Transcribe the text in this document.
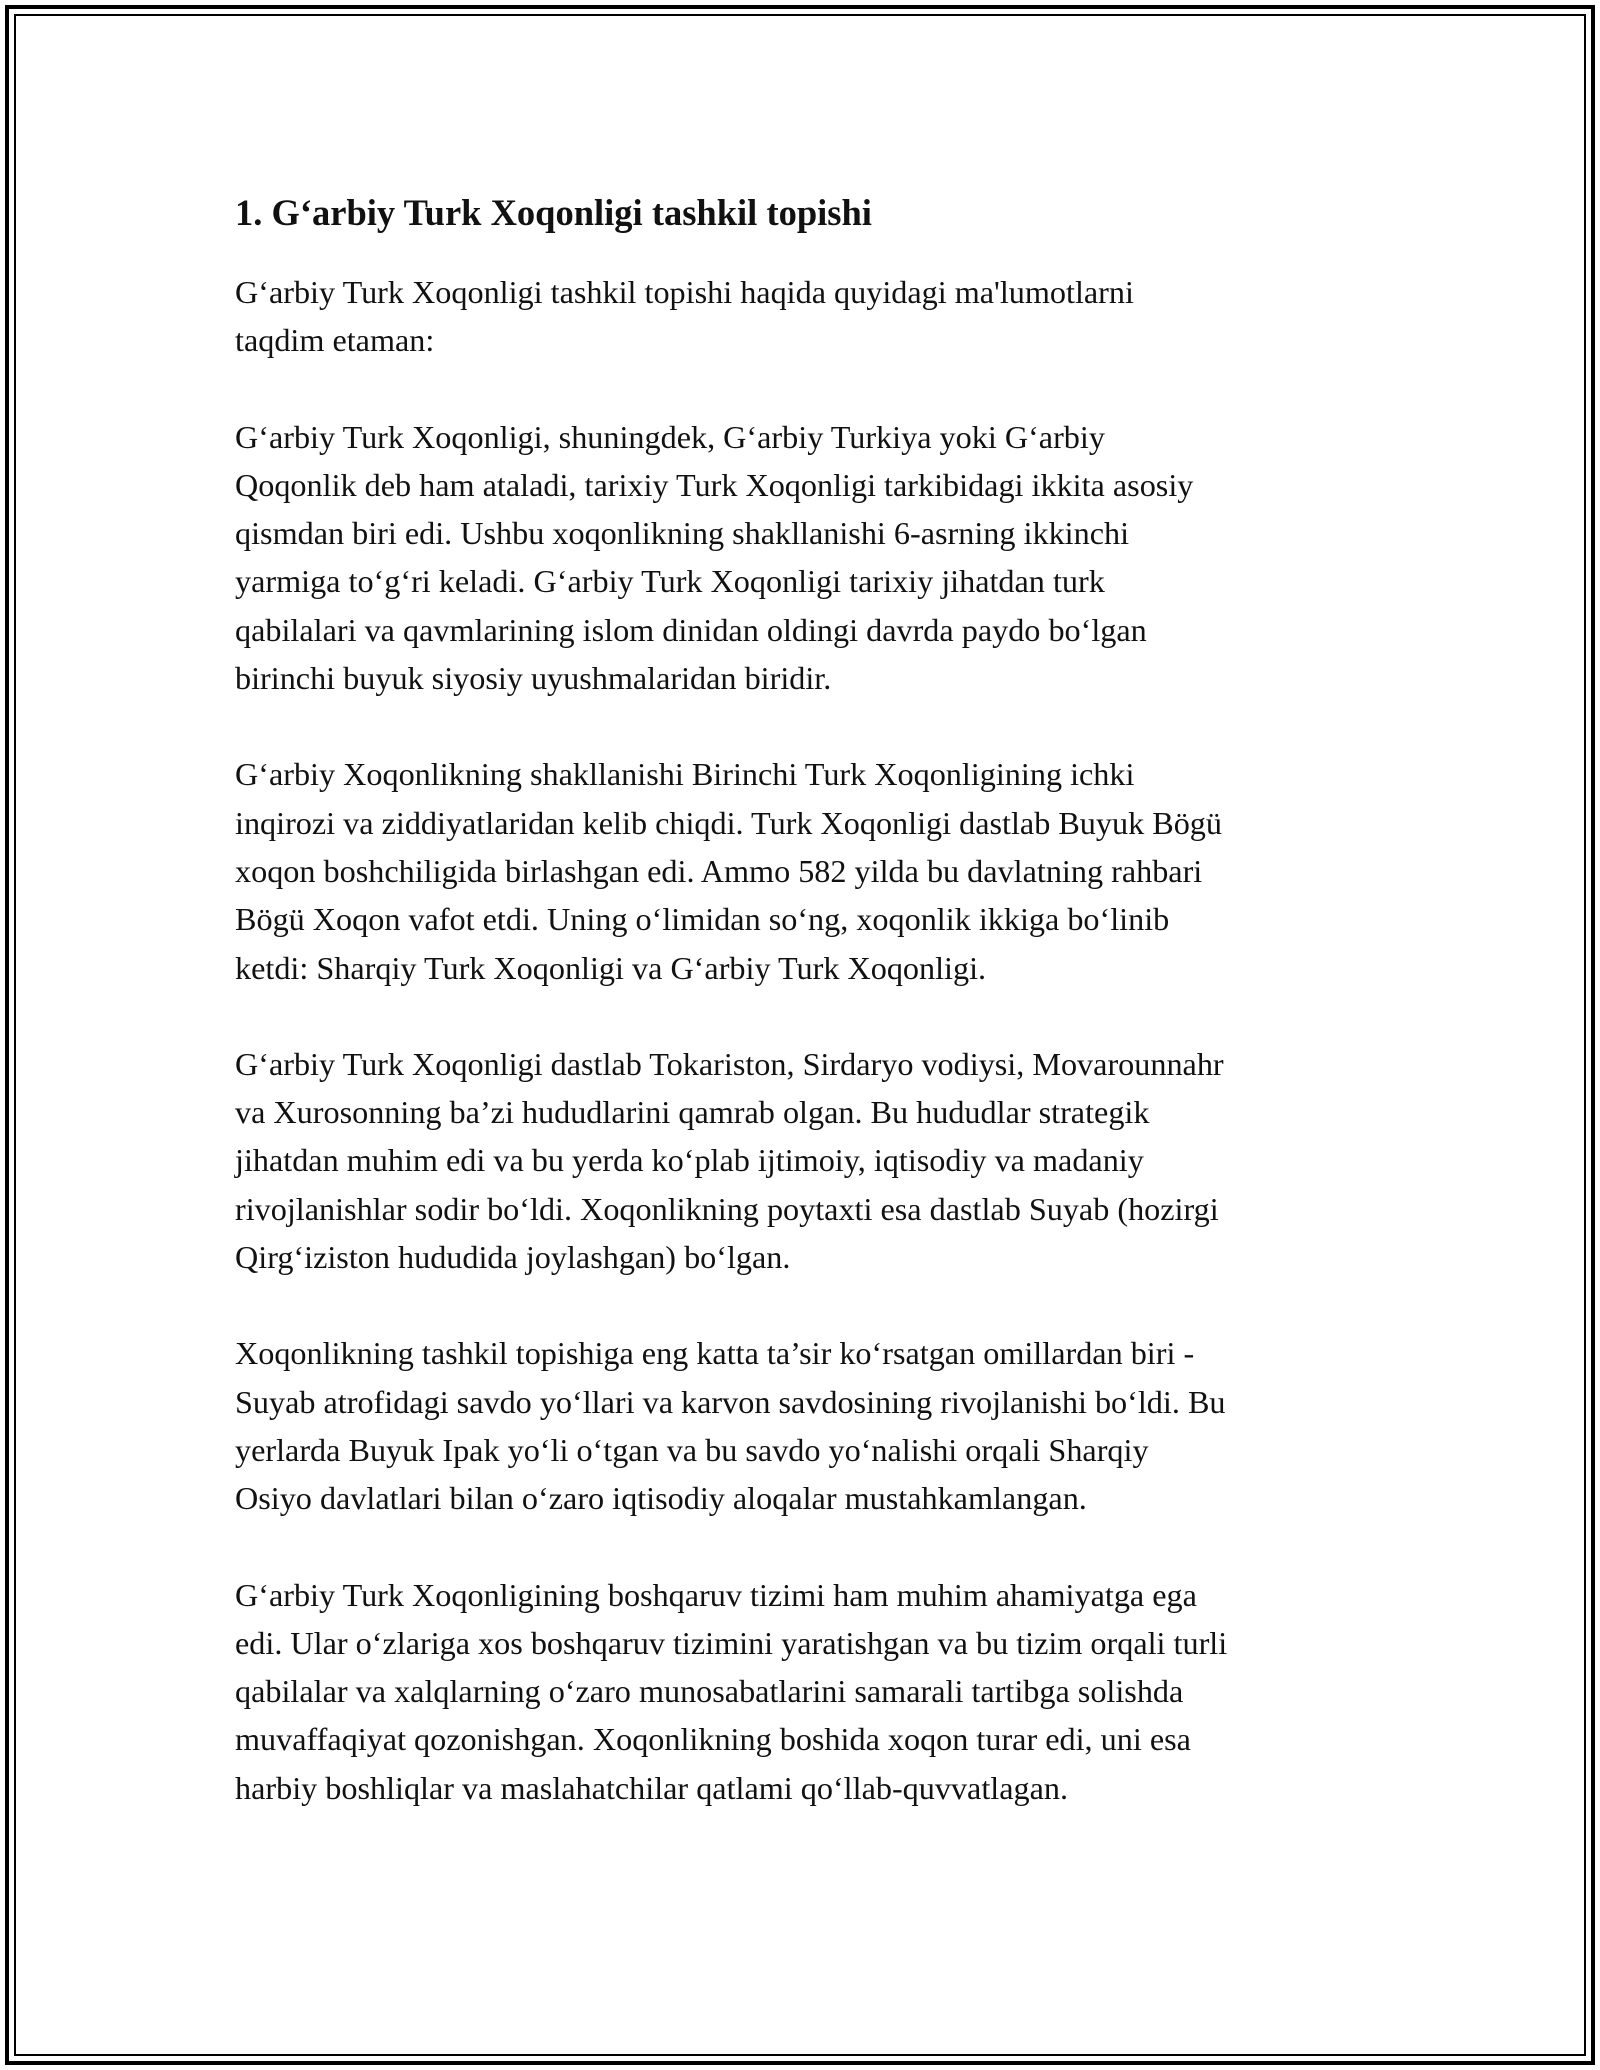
1. G‘arbiy Turk Xoqonligi tashkil topishi

G‘arbiy Turk Xoqonligi tashkil topishi haqida quyidagi ma'lumotlarni
taqdim etaman:

G‘arbiy Turk Xoqonligi, shuningdek, G‘arbiy Turkiya yoki G‘arbiy
Qoqonlik deb ham ataladi, tarixiy Turk Xoqonligi tarkibidagi ikkita asosiy
qismdan biri edi. Ushbu xoqonlikning shakllanishi 6-asrning ikkinchi
yarmiga to‘g‘ri keladi. G‘arbiy Turk Xoqonligi tarixiy jihatdan turk
qabilalari va qavmlarining islom dinidan oldingi davrda paydo bo‘lgan
birinchi buyuk siyosiy uyushmalaridan biridir.

G‘arbiy Xoqonlikning shakllanishi Birinchi Turk Xoqonligining ichki
inqirozi va ziddiyatlaridan kelib chiqdi. Turk Xoqonligi dastlab Buyuk Bögü
xoqon boshchiligida birlashgan edi. Ammo 582 yilda bu davlatning rahbari
Bögü Xoqon vafot etdi. Uning o‘limidan so‘ng, xoqonlik ikkiga bo‘linib
ketdi: Sharqiy Turk Xoqonligi va G‘arbiy Turk Xoqonligi.

G‘arbiy Turk Xoqonligi dastlab Tokariston, Sirdaryo vodiysi, Movarounnahr
va Xurosonning ba’zi hududlarini qamrab olgan. Bu hududlar strategik
jihatdan muhim edi va bu yerda ko‘plab ijtimoiy, iqtisodiy va madaniy
rivojlanishlar sodir bo‘ldi. Xoqonlikning poytaxti esa dastlab Suyab (hozirgi
Qirg‘iziston hududida joylashgan) bo‘lgan.

Xoqonlikning tashkil topishiga eng katta ta’sir ko‘rsatgan omillardan biri -
Suyab atrofidagi savdo yo‘llari va karvon savdosining rivojlanishi bo‘ldi. Bu
yerlarda Buyuk Ipak yo‘li o‘tgan va bu savdo yo‘nalishi orqali Sharqiy
Osiyo davlatlari bilan o‘zaro iqtisodiy aloqalar mustahkamlangan.

G‘arbiy Turk Xoqonligining boshqaruv tizimi ham muhim ahamiyatga ega
edi. Ular o‘zlariga xos boshqaruv tizimini yaratishgan va bu tizim orqali turli
qabilalar va xalqlarning o‘zaro munosabatlarini samarali tartibga solishda
muvaffaqiyat qozonishgan. Xoqonlikning boshida xoqon turar edi, uni esa
harbiy boshliqlar va maslahatchilar qatlami qo‘llab-quvvatlagan.
